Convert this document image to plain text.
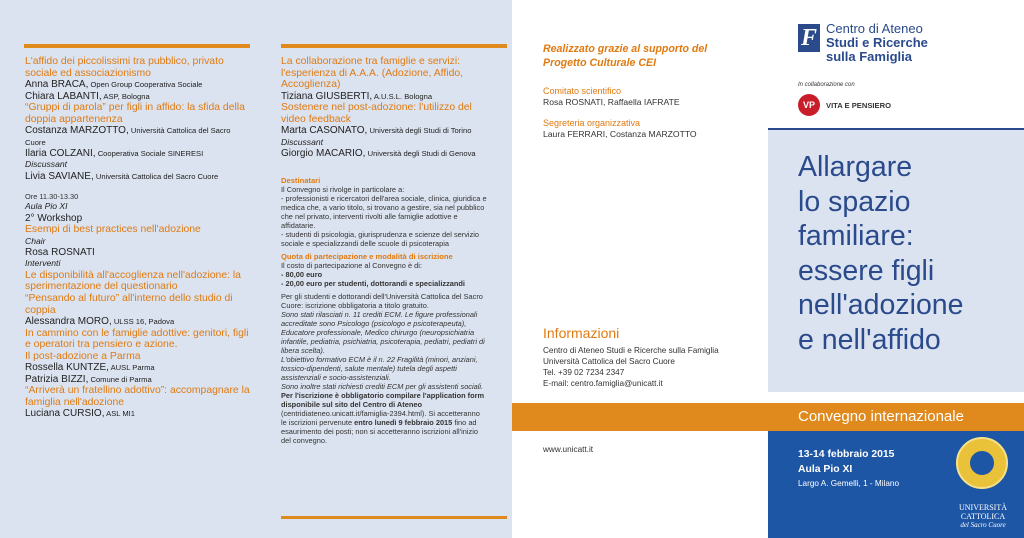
L'affido dei piccolissimi tra pubblico, privato sociale ed associazionismo
Anna BRACA, Open Group Cooperativa Sociale
Chiara LABANTI, ASP, Bologna
“Gruppi di parola” per figli in affido: la sfida della doppia appartenenza
Costanza MARZOTTO, Università Cattolica del Sacro Cuore
Ilaria COLZANI, Cooperativa Sociale SINERESI
Discussant
Livia SAVIANE, Università Cattolica del Sacro Cuore
Ore 11.30-13.30
Aula Pio XI
2° Workshop
Esempi di best practices nell'adozione
Chair
Rosa ROSNATI
Interventi
Le disponibilità all'accoglienza nell'adozione: la sperimentazione del questionario
“Pensando al futuro” all'interno dello studio di coppia
Alessandra MORO, ULSS 16, Padova
In cammino con le famiglie adottive: genitori, figli e operatori tra pensiero e azione.
Il post-adozione a Parma
Rossella KUNTZE, AUSL Parma
Patrizia BIZZI, Comune di Parma
“Arriverà un fratellino adottivo”: accompagnare la famiglia nell'adozione
Luciana CURSIO, ASL MI1
La collaborazione tra famiglie e servizi: l'esperienza di A.A.A. (Adozione, Affido, Accoglienza)
Tiziana GIUSBERTI, A.U.S.L. Bologna
Sostenere nel post-adozione: l'utilizzo del video feedback
Marta CASONATO, Università degli Studi di Torino
Discussant
Giorgio MACARIO, Università degli Studi di Genova
Destinatari
Il Convegno si rivolge in particolare a:
- professionisti e ricercatori dell'area sociale, clinica, giuridica e medica che, a vario titolo, si trovano a gestire, sia nel pubblico che nel privato, interventi rivolti alle famiglie adottive e affidatarie.
- studenti di psicologia, giurisprudenza e scienze del servizio sociale e specializzandi delle scuole di psicoterapia
Quota di partecipazione e modalità di iscrizione
Il costo di partecipazione al Convegno è di:
- 80,00 euro
- 20,00 euro per studenti, dottorandi e specializzandi
Per gli studenti e dottorandi dell'Università Cattolica del Sacro Cuore: iscrizione obbligatoria a titolo gratuito.
Sono stati rilasciati n. 11 crediti ECM. Le figure professionali accreditate sono Psicologo (psicologo e psicoterapeuta), Educatore professionale, Medico chirurgo (neuropsichiatria infantile, pediatria, psichiatria, psicoterapia, pediatri, pediatri di libera scelta).
L'obiettivo formativo ECM è il n. 22 Fragilità (minori, anziani, tossico-dipendenti, salute mentale) tutela degli aspetti assistenziali e socio-assistenziali.
Sono inoltre stati richiesti crediti ECM per gli assistenti sociali.
Per l'iscrizione è obbligatorio compilare l'application form disponibile sul sito del Centro di Ateneo (centridiateneo.unicatt.it/famiglia-2394.html). Si accetteranno le iscrizioni pervenute entro lunedì 9 febbraio 2015 fino ad esaurimento dei posti; non si accetteranno iscrizioni all'inizio del convegno.
Realizzato grazie al supporto del Progetto Culturale CEI
Comitato scientifico
Rosa ROSNATI, Raffaella IAFRATE
Segreteria organizzativa
Laura FERRARI, Costanza MARZOTTO
Informazioni
Centro di Ateneo Studi e Ricerche sulla Famiglia
Università Cattolica del Sacro Cuore
Tel. +39 02 7234 2347
E-mail: centro.famiglia@unicatt.it
www.unicatt.it
F Centro di Ateneo
Studi e Ricerche
sulla Famiglia
In collaborazione con
VP	VITA E PENSIERO
Allargare
lo spazio
familiare:
essere figli
nell'adozione
e nell'affido
Convegno internazionale
13-14 febbraio 2015
Aula Pio XI
Largo A. Gemelli, 1 - Milano
UNIVERSITÀ
CATTOLICA
del Sacro Cuore
